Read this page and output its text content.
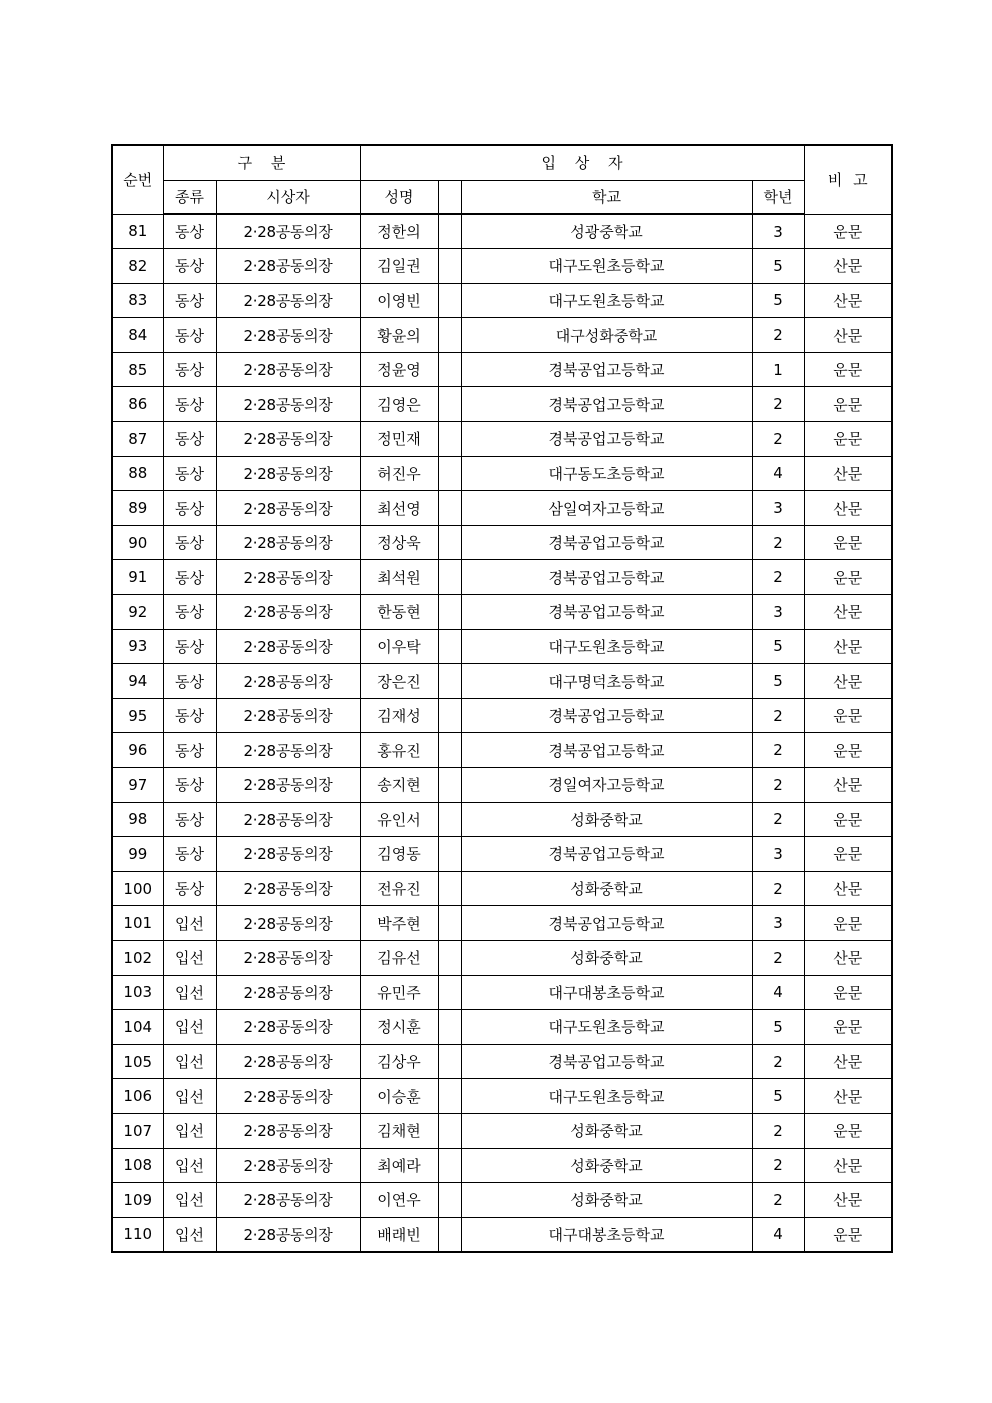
순번	구 분		입 상 자				비 고
	종류	시상자	성명		학교	학년	
81	동상	2·28공동의장	정한의		성광중학교	3	운문
82	동상	2·28공동의장	김일권		대구도원초등학교	5	산문
83	동상	2·28공동의장	이영빈		대구도원초등학교	5	산문
84	동상	2·28공동의장	황윤의		대구성화중학교	2	산문
85	동상	2·28공동의장	정윤영		경북공업고등학교	1	운문
86	동상	2·28공동의장	김영은		경북공업고등학교	2	운문
87	동상	2·28공동의장	정민재		경북공업고등학교	2	운문
88	동상	2·28공동의장	허진우		대구동도초등학교	4	산문
89	동상	2·28공동의장	최선영		삼일여자고등학교	3	산문
90	동상	2·28공동의장	정상욱		경북공업고등학교	2	운문
91	동상	2·28공동의장	최석원		경북공업고등학교	2	운문
92	동상	2·28공동의장	한동현		경북공업고등학교	3	산문
93	동상	2·28공동의장	이우탁		대구도원초등학교	5	산문
94	동상	2·28공동의장	장은진		대구명덕초등학교	5	산문
95	동상	2·28공동의장	김재성		경북공업고등학교	2	운문
96	동상	2·28공동의장	홍유진		경북공업고등학교	2	운문
97	동상	2·28공동의장	송지현		경일여자고등학교	2	산문
98	동상	2·28공동의장	유인서		성화중학교	2	운문
99	동상	2·28공동의장	김영동		경북공업고등학교	3	운문
100	동상	2·28공동의장	전유진		성화중학교	2	산문
101	입선	2·28공동의장	박주현		경북공업고등학교	3	운문
102	입선	2·28공동의장	김유선		성화중학교	2	산문
103	입선	2·28공동의장	유민주		대구대봉초등학교	4	운문
104	입선	2·28공동의장	정시훈		대구도원초등학교	5	운문
105	입선	2·28공동의장	김상우		경북공업고등학교	2	산문
106	입선	2·28공동의장	이승훈		대구도원초등학교	5	산문
107	입선	2·28공동의장	김채현		성화중학교	2	운문
108	입선	2·28공동의장	최예라		성화중학교	2	산문
109	입선	2·28공동의장	이연우		성화중학교	2	산문
110	입선	2·28공동의장	배래빈		대구대봉초등학교	4	운문
